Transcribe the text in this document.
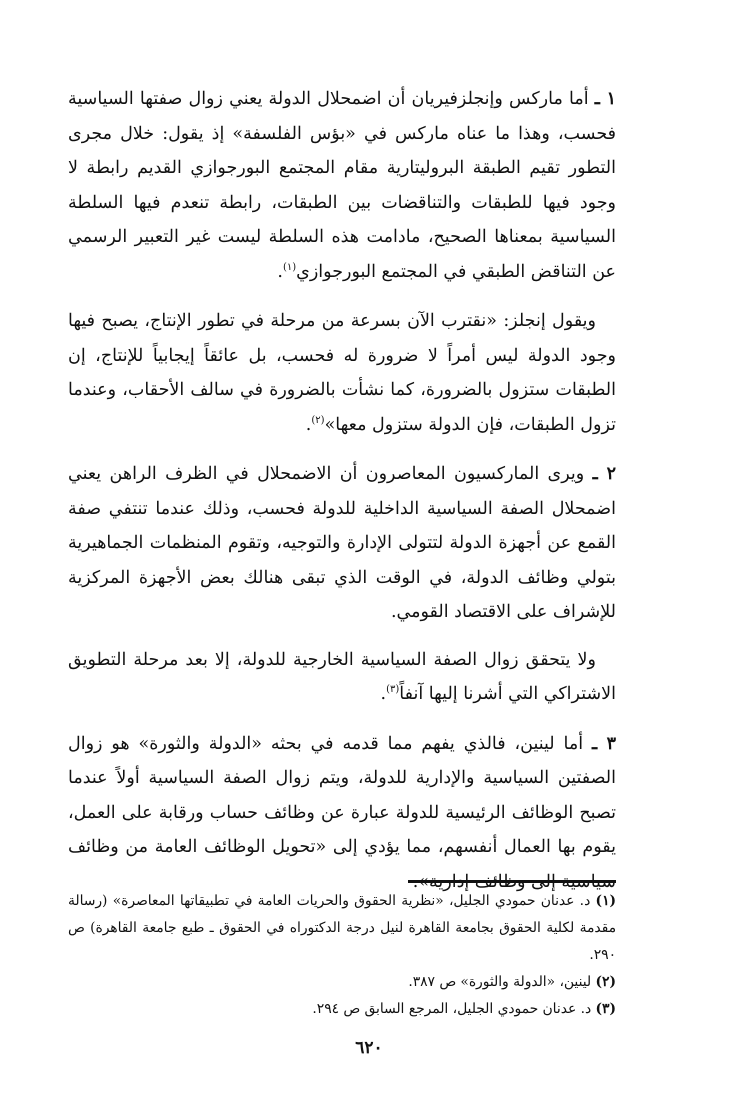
١ ـ أما ماركس وإنجلزفيريان أن اضمحلال الدولة يعني زوال صفتها السياسية فحسب، وهذا ما عناه ماركس في «بؤس الفلسفة» إذ يقول: خلال مجرى التطور تقيم الطبقة البروليتارية مقام المجتمع البورجوازي القديم رابطة لا وجود فيها للطبقات والتناقضات بين الطبقات، رابطة تنعدم فيها السلطة السياسية بمعناها الصحيح، مادامت هذه السلطة ليست غير التعبير الرسمي عن التناقض الطبقي في المجتمع البورجوازي$^{(١)}$.

ويقول إنجلز: «نقترب الآن بسرعة من مرحلة في تطور الإنتاج، يصبح فيها وجود الدولة ليس أمراً لا ضرورة له فحسب، بل عائقاً إيجابياً للإنتاج، إن الطبقات ستزول بالضرورة، كما نشأت بالضرورة في سالف الأحقاب، وعندما تزول الطبقات، فإن الدولة ستزول معها»$^{(٢)}$.

٢ ـ ويرى الماركسيون المعاصرون أن الاضمحلال في الظرف الراهن يعني اضمحلال الصفة السياسية الداخلية للدولة فحسب، وذلك عندما تنتفي صفة القمع عن أجهزة الدولة لتتولى الإدارة والتوجيه، وتقوم المنظمات الجماهيرية بتولي وظائف الدولة، في الوقت الذي تبقى هنالك بعض الأجهزة المركزية للإشراف على الاقتصاد القومي.

ولا يتحقق زوال الصفة السياسية الخارجية للدولة، إلا بعد مرحلة التطويق الاشتراكي التي أشرنا إليها آنفاً$^{(٣)}$.

٣ ـ أما لينين، فالذي يفهم مما قدمه في بحثه «الدولة والثورة» هو زوال الصفتين السياسية والإدارية للدولة، ويتم زوال الصفة السياسية أولاً عندما تصبح الوظائف الرئيسية للدولة عبارة عن وظائف حساب ورقابة على العمل، يقوم بها العمال أنفسهم، مما يؤدي إلى «تحويل الوظائف العامة من وظائف سياسية إلى وظائف إدارية».

(١) د. عدنان حمودي الجليل، «نظرية الحقوق والحريات العامة في تطبيقاتها المعاصرة» (رسالة مقدمة لكلية الحقوق بجامعة القاهرة لنيل درجة الدكتوراه في الحقوق ـ طبع جامعة القاهرة) ص ٢٩٠.

(٢) لينين، «الدولة والثورة» ص ٣٨٧.

(٣) د. عدنان حمودي الجليل، المرجع السابق ص ٢٩٤.

٦٢٠
